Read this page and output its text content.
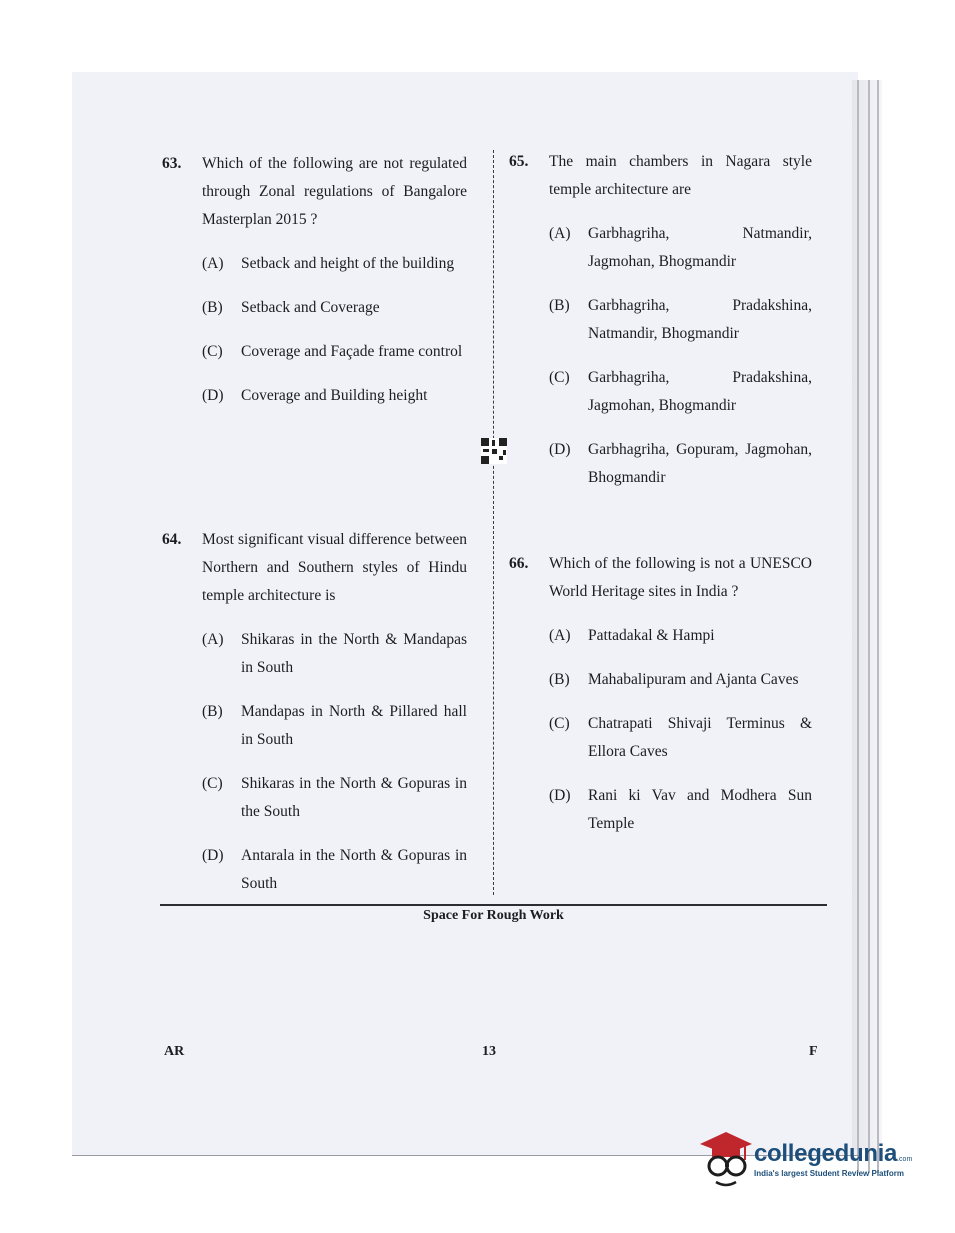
63. Which of the following are not regulated through Zonal regulations of Bangalore Masterplan 2015 ?
(A) Setback and height of the building
(B) Setback and Coverage
(C) Coverage and Façade frame control
(D) Coverage and Building height
64. Most significant visual difference between Northern and Southern styles of Hindu temple architecture is
(A) Shikaras in the North & Mandapas in South
(B) Mandapas in North & Pillared hall in South
(C) Shikaras in the North & Gopuras in the South
(D) Antarala in the North & Gopuras in South
65. The main chambers in Nagara style temple architecture are
(A) Garbhagriha, Natmandir, Jagmohan, Bhogmandir
(B) Garbhagriha, Pradakshina, Natmandir, Bhogmandir
(C) Garbhagriha, Pradakshina, Jagmohan, Bhogmandir
(D) Garbhagriha, Gopuram, Jagmohan, Bhogmandir
66. Which of the following is not a UNESCO World Heritage sites in India ?
(A) Pattadakal & Hampi
(B) Mahabalipuram and Ajanta Caves
(C) Chatrapati Shivaji Terminus & Ellora Caves
(D) Rani ki Vav and Modhera Sun Temple
Space For Rough Work
AR	13	F
collegedunia.com
India's largest Student Review Platform
